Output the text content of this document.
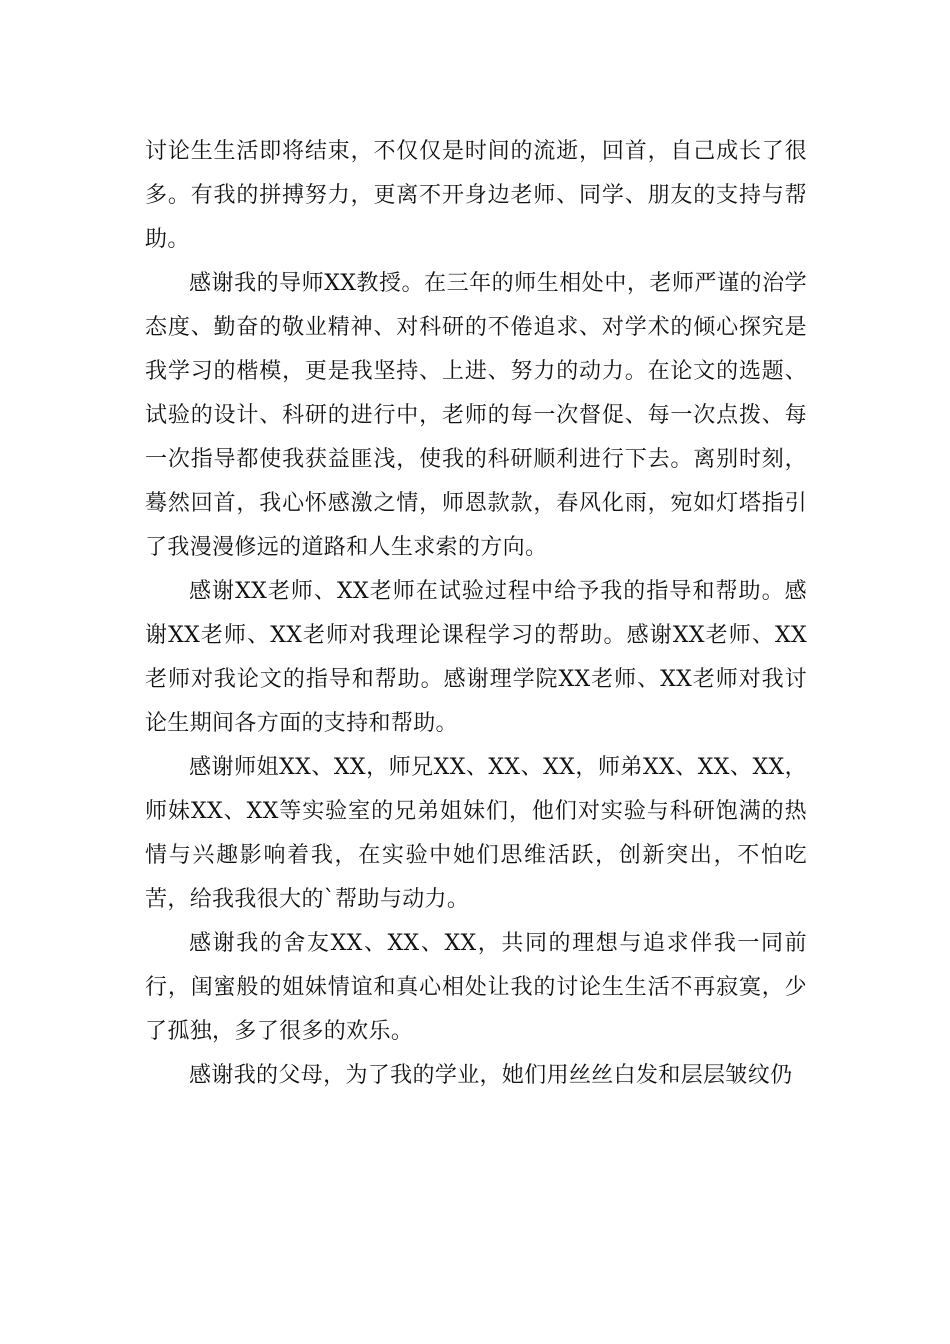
讨论生生活即将结束，不仅仅是时间的流逝，回首，自己成长了很多。有我的拼搏努力，更离不开身边老师、同学、朋友的支持与帮助。

感谢我的导师XX教授。在三年的师生相处中，老师严谨的治学态度、勤奋的敬业精神、对科研的不倦追求、对学术的倾心探究是我学习的楷模，更是我坚持、上进、努力的动力。在论文的选题、试验的设计、科研的进行中，老师的每一次督促、每一次点拨、每一次指导都使我获益匪浅，使我的科研顺利进行下去。离别时刻，蓦然回首，我心怀感激之情，师恩款款，春风化雨，宛如灯塔指引了我漫漫修远的道路和人生求索的方向。

感谢XX老师、XX老师在试验过程中给予我的指导和帮助。感谢XX老师、XX老师对我理论课程学习的帮助。感谢XX老师、XX老师对我论文的指导和帮助。感谢理学院XX老师、XX老师对我讨论生期间各方面的支持和帮助。

感谢师姐XX、XX，师兄XX、XX、XX，师弟XX、XX、XX，师妹XX、XX等实验室的兄弟姐妹们，他们对实验与科研饱满的热情与兴趣影响着我，在实验中她们思维活跃，创新突出，不怕吃苦，给我我很大的`帮助与动力。

感谢我的舍友XX、XX、XX，共同的理想与追求伴我一同前行，闺蜜般的姐妹情谊和真心相处让我的讨论生生活不再寂寞，少了孤独，多了很多的欢乐。

感谢我的父母，为了我的学业，她们用丝丝白发和层层皱纹仍
